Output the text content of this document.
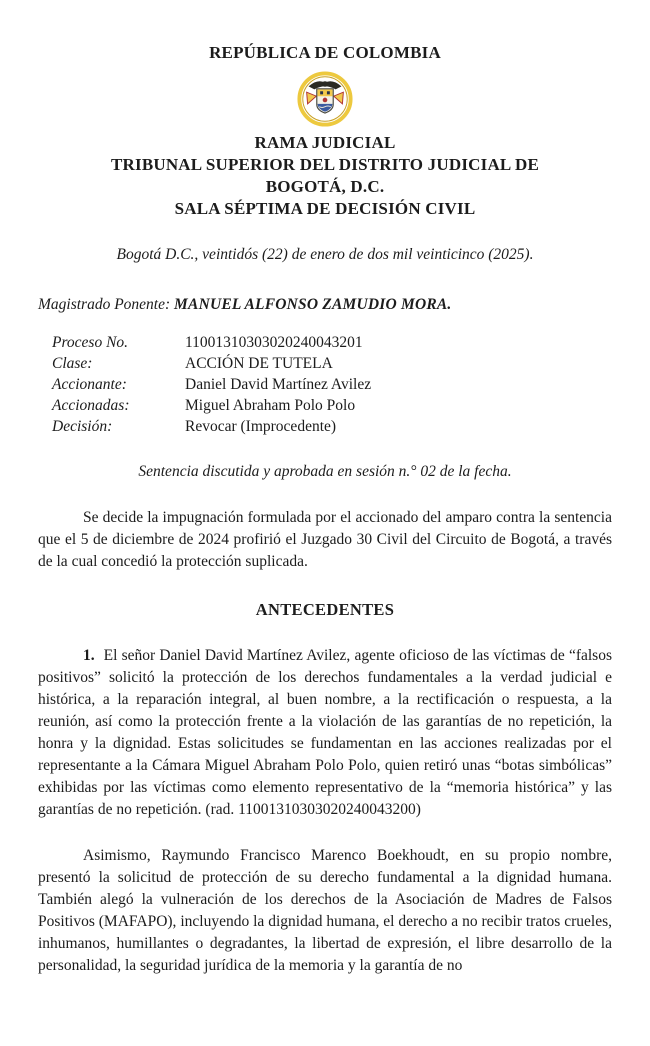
REPÚBLICA DE COLOMBIA
RAMA JUDICIAL
TRIBUNAL SUPERIOR DEL DISTRITO JUDICIAL DE BOGOTÁ, D.C.
SALA SÉPTIMA DE DECISIÓN CIVIL

Bogotá D.C., veintidós (22) de enero de dos mil veinticinco (2025).

Magistrado Ponente: MANUEL ALFONSO ZAMUDIO MORA.

Proceso No.	11001310303020240043201
Clase:	ACCIÓN DE TUTELA
Accionante:	Daniel David Martínez Avilez
Accionadas:	Miguel Abraham Polo Polo
Decisión:	Revocar (Improcedente)

Sentencia discutida y aprobada en sesión n.° 02 de la fecha.

Se decide la impugnación formulada por el accionado del amparo contra la sentencia que el 5 de diciembre de 2024 profirió el Juzgado 30 Civil del Circuito de Bogotá, a través de la cual concedió la protección suplicada.

ANTECEDENTES

1. El señor Daniel David Martínez Avilez, agente oficioso de las víctimas de “falsos positivos” solicitó la protección de los derechos fundamentales a la verdad judicial e histórica, a la reparación integral, al buen nombre, a la rectificación o respuesta, a la reunión, así como la protección frente a la violación de las garantías de no repetición, la honra y la dignidad. Estas solicitudes se fundamentan en las acciones realizadas por el representante a la Cámara Miguel Abraham Polo Polo, quien retiró unas “botas simbólicas” exhibidas por las víctimas como elemento representativo de la “memoria histórica” y las garantías de no repetición. (rad. 11001310303020240043200)

Asimismo, Raymundo Francisco Marenco Boekhoudt, en su propio nombre, presentó la solicitud de protección de su derecho fundamental a la dignidad humana. También alegó la vulneración de los derechos de la Asociación de Madres de Falsos Positivos (MAFAPO), incluyendo la dignidad humana, el derecho a no recibir tratos crueles, inhumanos, humillantes o degradantes, la libertad de expresión, el libre desarrollo de la personalidad, la seguridad jurídica de la memoria y la garantía de no
